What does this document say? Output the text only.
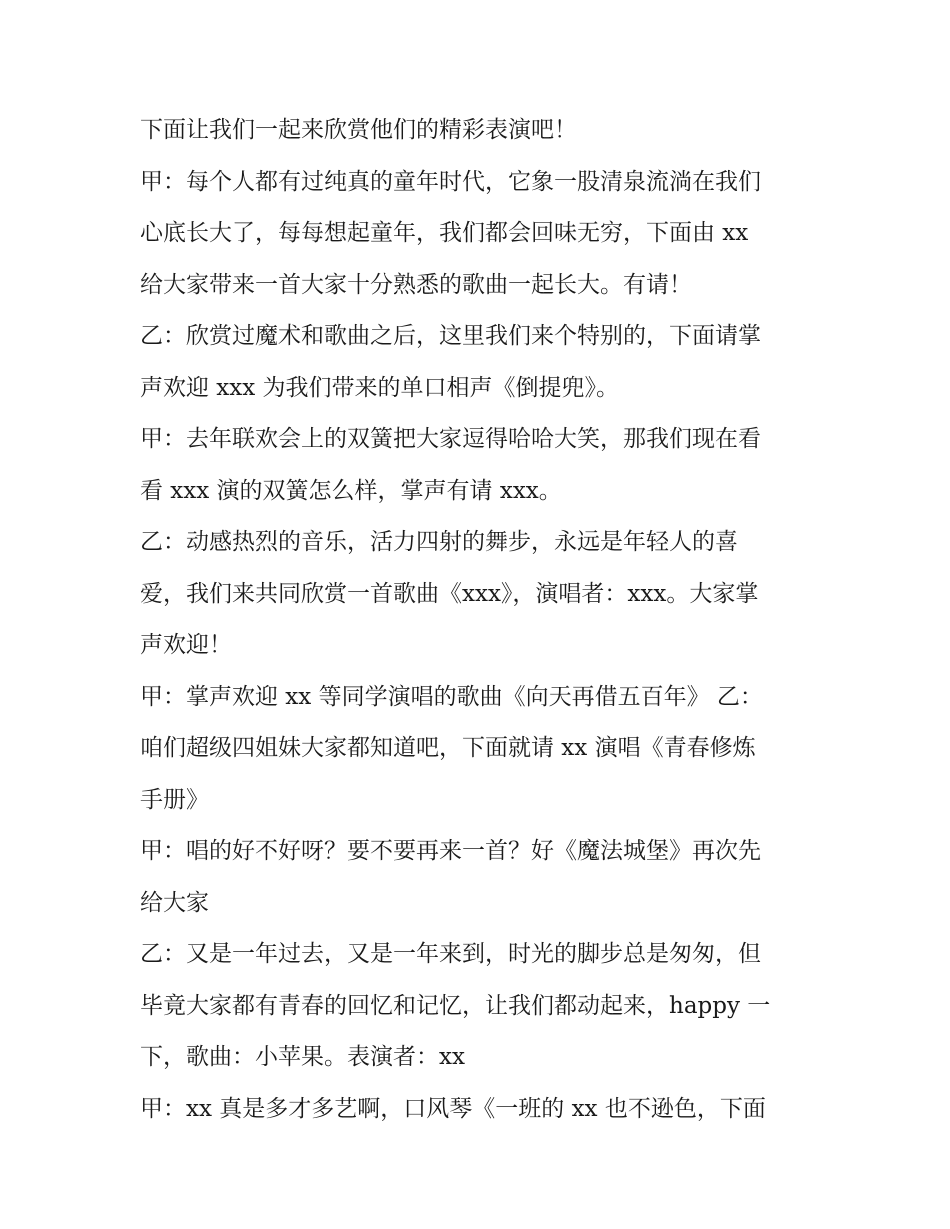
下面让我们一起来欣赏他们的精彩表演吧！
甲：每个人都有过纯真的童年时代，它象一股清泉流淌在我们
心底长大了，每每想起童年，我们都会回味无穷，下面由 xx
给大家带来一首大家十分熟悉的歌曲一起长大。有请！
乙：欣赏过魔术和歌曲之后，这里我们来个特别的，下面请掌
声欢迎 xxx 为我们带来的单口相声《倒提兜》。
甲：去年联欢会上的双簧把大家逗得哈哈大笑，那我们现在看
看 xxx 演的双簧怎么样，掌声有请 xxx。
乙：动感热烈的音乐，活力四射的舞步，永远是年轻人的喜
爱，我们来共同欣赏一首歌曲《xxx》，演唱者：xxx。大家掌
声欢迎！
甲：掌声欢迎 xx 等同学演唱的歌曲《向天再借五百年》 乙：
咱们超级四姐妹大家都知道吧，下面就请 xx 演唱《青春修炼
手册》
甲：唱的好不好呀？要不要再来一首？好《魔法城堡》再次先
给大家
乙：又是一年过去，又是一年来到，时光的脚步总是匆匆，但
毕竟大家都有青春的回忆和记忆，让我们都动起来，happy 一
下，歌曲：小苹果。表演者：xx
甲：xx 真是多才多艺啊，口风琴《一班的 xx 也不逊色，下面
